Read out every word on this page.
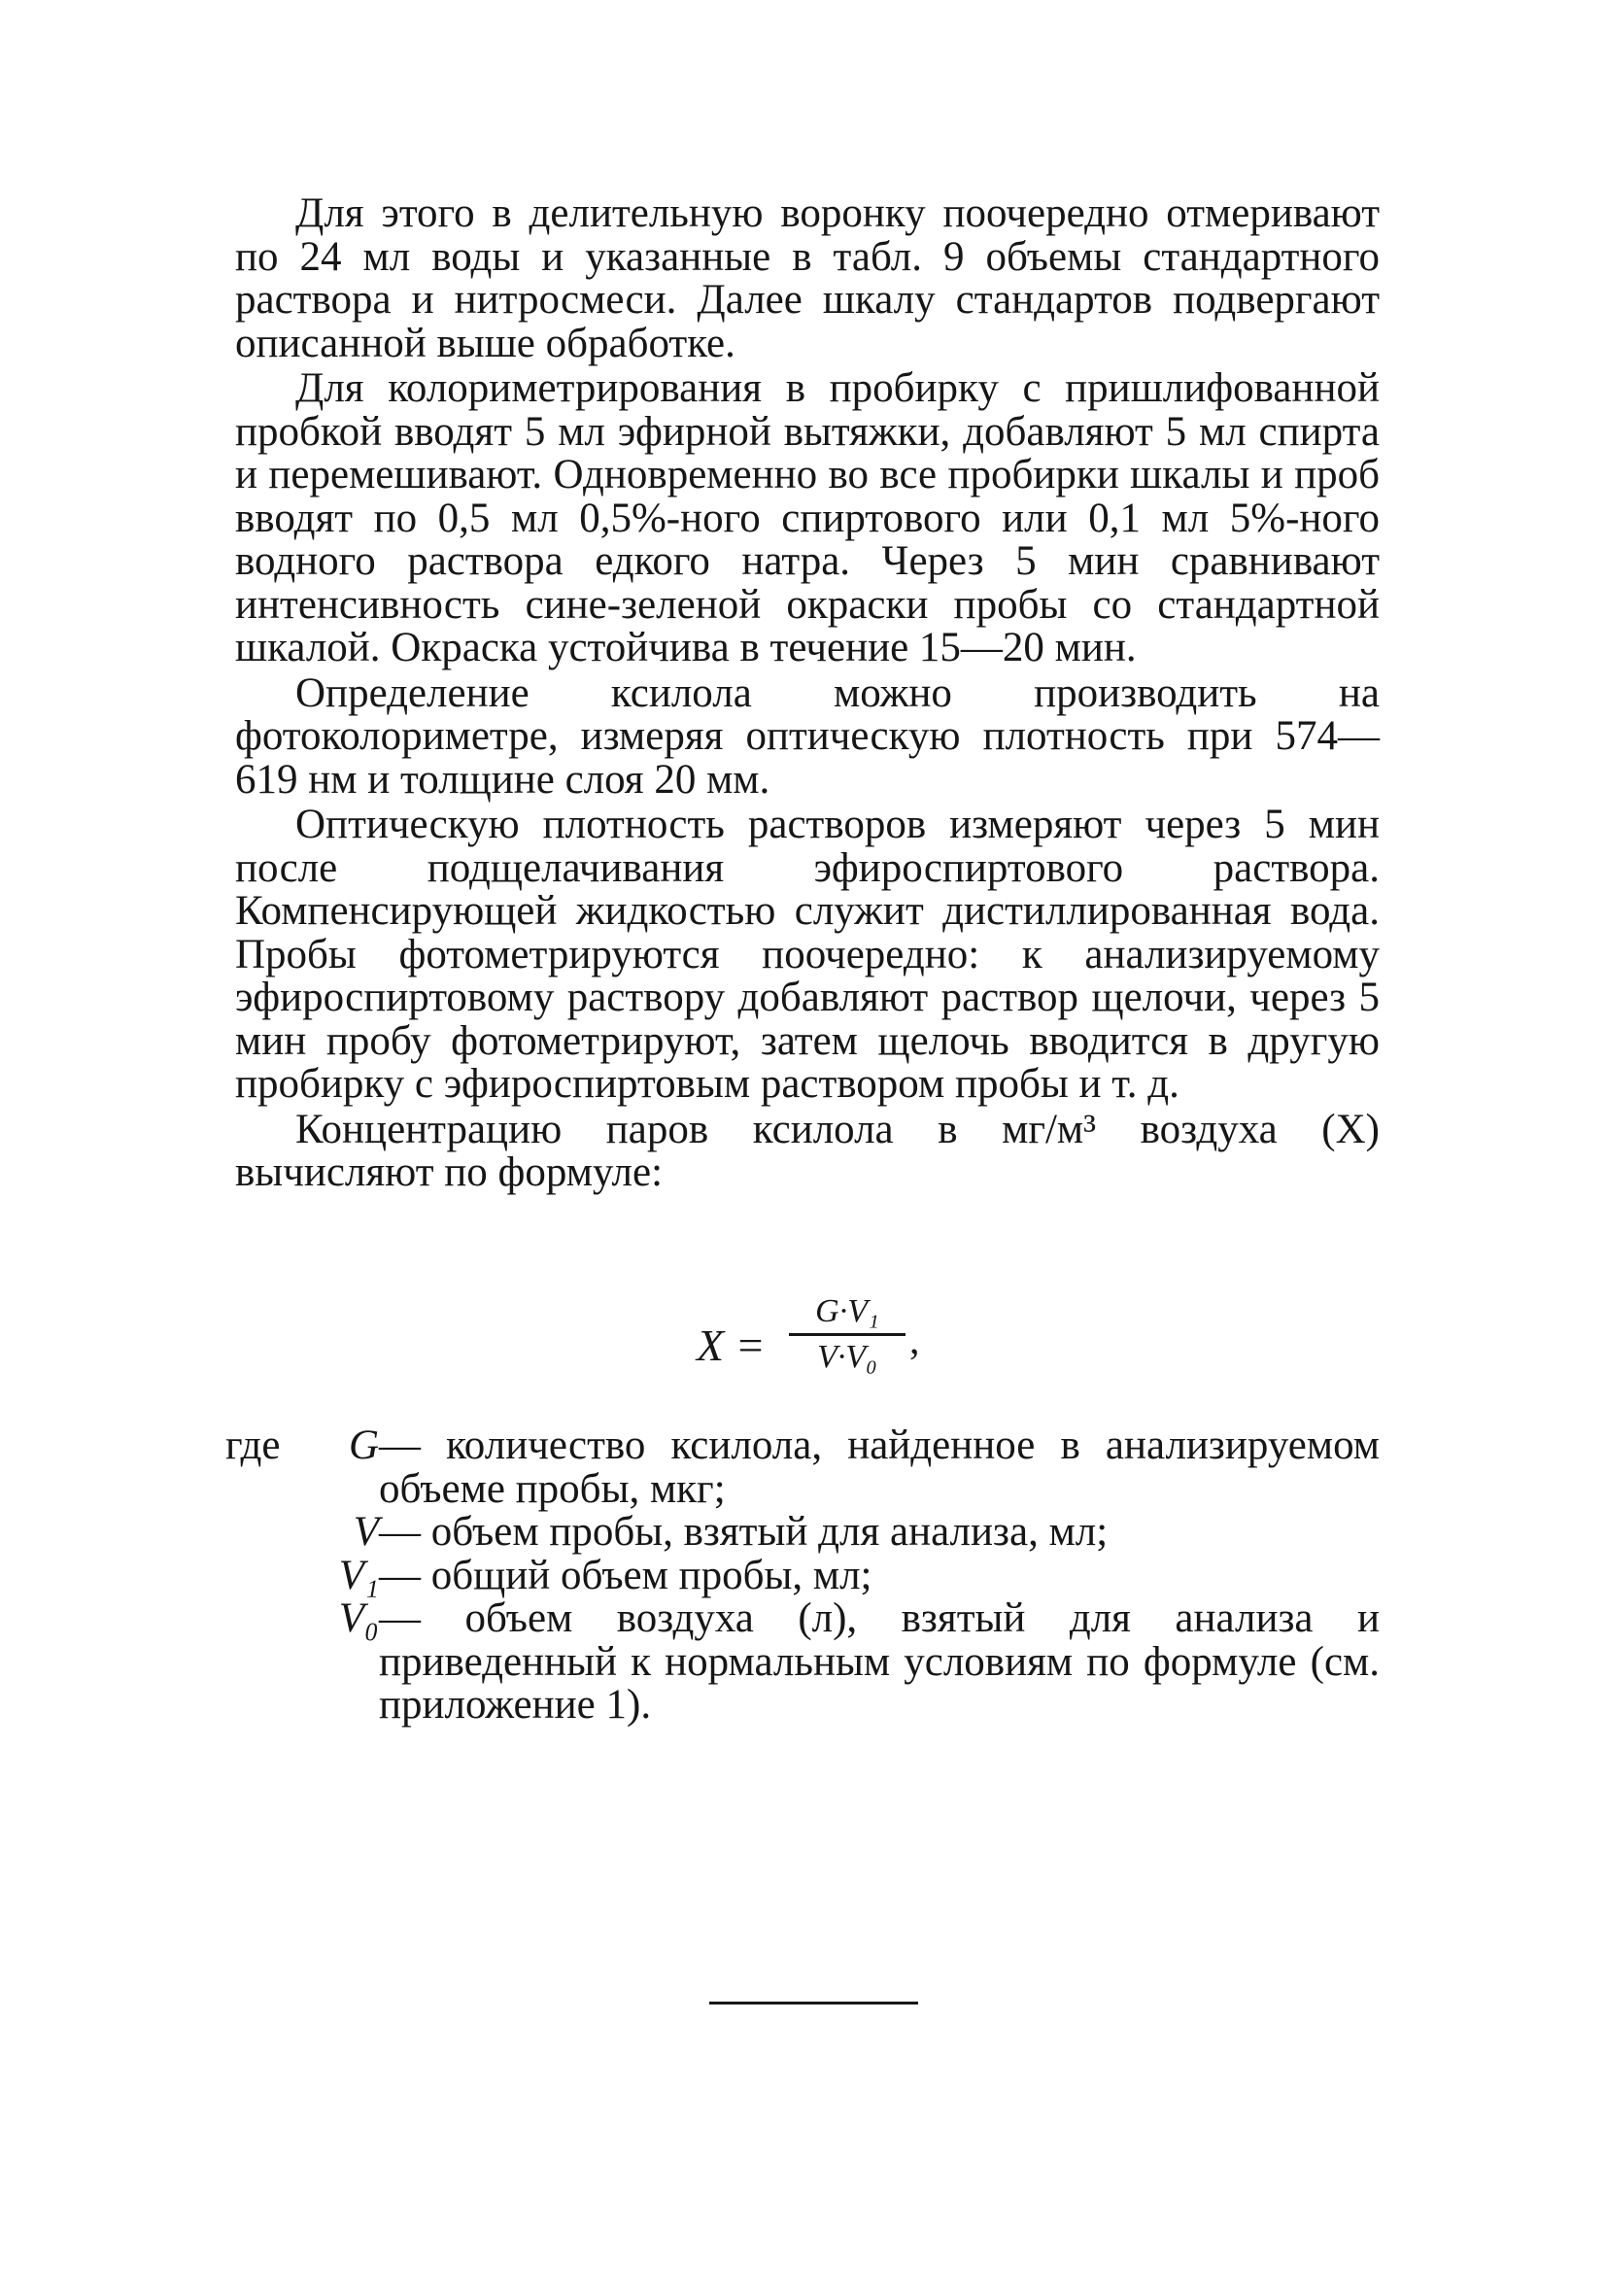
Для этого в делительную воронку поочередно отмеривают по 24 мл воды и указанные в табл. 9 объемы стандартного раствора и нитросмеси. Далее шкалу стандартов подвергают описанной выше обработке.

Для колориметрирования в пробирку с пришлифованной пробкой вводят 5 мл эфирной вытяжки, добавляют 5 мл спирта и перемешивают. Одновременно во все пробирки шкалы и проб вводят по 0,5 мл 0,5%-ного спиртового или 0,1 мл 5%-ного водного раствора едкого натра. Через 5 мин сравнивают интенсивность сине-зеленой окраски пробы со стандартной шкалой. Окраска устойчива в течение 15—20 мин.

Определение ксилола можно производить на фотоколориметре, измеряя оптическую плотность при 574—619 нм и толщине слоя 20 мм.

Оптическую плотность растворов измеряют через 5 мин после подщелачивания эфироспиртового раствора. Компенсирующей жидкостью служит дистиллированная вода. Пробы фотометрируются поочередно: к анализируемому эфироспиртовому раствору добавляют раствор щелочи, через 5 мин пробу фотометрируют, затем щелочь вводится в другую пробирку с эфироспиртовым раствором пробы и т. д.

Концентрацию паров ксилола в мг/м³ воздуха (X) вычисляют по формуле:

X =
G·V₁
V·V₀ ,
где	G — количество ксилола, найденное в анализируемом объеме пробы, мкг;
V — объем пробы, взятый для анализа, мл;
V₁ — общий объем пробы, мл;
V₀ — объем воздуха (л), взятый для анализа и приведенный к нормальным условиям по формуле (см. приложение 1).
